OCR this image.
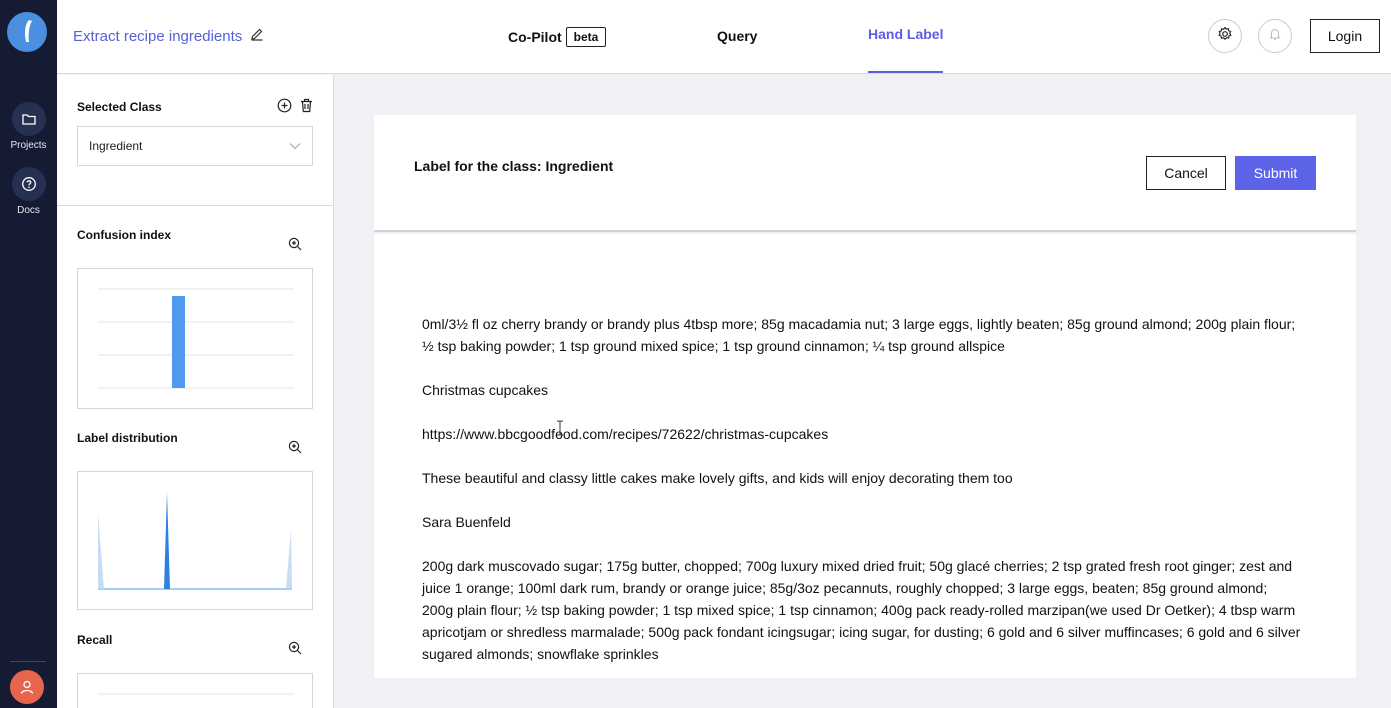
Projects
Docs
Extract recipe ingredients	Co-Pilot	beta	Query	Hand Label	Login
Selected Class
Ingredient
Confusion index
Label distribution
Recall
Label for the class: Ingredient	Cancel	Submit

0ml/3½ fl oz cherry brandy or brandy plus 4tbsp more; 85g macadamia nut; 3 large eggs, lightly beaten; 85g ground almond; 200g plain flour; ½ tsp baking powder; 1 tsp ground mixed spice; 1 tsp ground cinnamon; ¼ tsp ground allspice

Christmas cupcakes

https://www.bbcgoodfood.com/recipes/72622/christmas-cupcakes

These beautiful and classy little cakes make lovely gifts, and kids will enjoy decorating them too

Sara Buenfeld

200g dark muscovado sugar; 175g butter, chopped; 700g luxury mixed dried fruit; 50g glacé cherries; 2 tsp grated fresh root ginger; zest and juice 1 orange; 100ml dark rum, brandy or orange juice; 85g/3oz pecannuts, roughly chopped; 3 large eggs, beaten; 85g ground almond; 200g plain flour; ½ tsp baking powder; 1 tsp mixed spice; 1 tsp cinnamon; 400g pack ready-rolled marzipan(we used Dr Oetker); 4 tbsp warm apricotjam or shredless marmalade; 500g pack fondant icingsugar; icing sugar, for dusting; 6 gold and 6 silver muffincases; 6 gold and 6 silver sugared almonds; snowflake sprinkles
